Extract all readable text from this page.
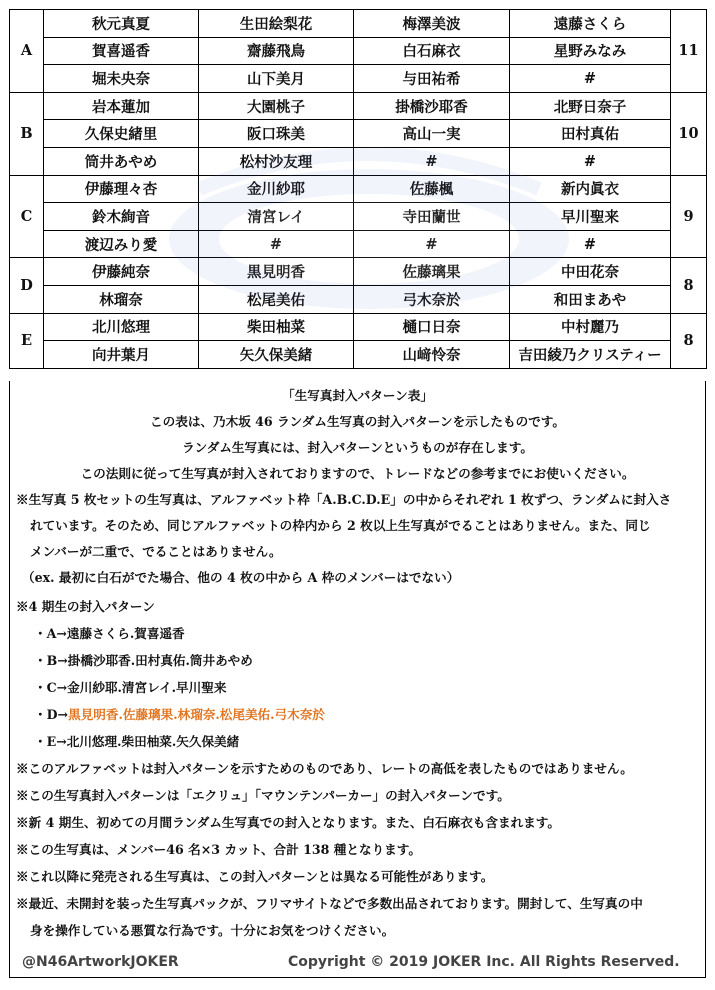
A	秋元真夏	生田絵梨花	梅澤美波	遠藤さくら	11
	賀喜遥香	齋藤飛鳥	白石麻衣	星野みなみ	
	堀未央奈	山下美月	与田祐希	#	
B	岩本蓮加	大園桃子	掛橋沙耶香	北野日奈子	10
	久保史緒里	阪口珠美	高山一実	田村真佑	
	筒井あやめ	松村沙友理	#	#	
C	伊藤理々杏	金川紗耶	佐藤楓	新内眞衣	9
	鈴木絢音	清宮レイ	寺田蘭世	早川聖来	
	渡辺みり愛	#	#	#	
D	伊藤純奈	黒見明香	佐藤璃果	中田花奈	8
	林瑠奈	松尾美佑	弓木奈於	和田まあや	
E	北川悠理	柴田柚菜	樋口日奈	中村麗乃	8
	向井葉月	矢久保美緒	山﨑怜奈	吉田綾乃クリスティー	
「生写真封入パターン表」
この表は、乃木坂 46 ランダム生写真の封入パターンを示したものです。
ランダム生写真には、封入パターンというものが存在します。
この法則に従って生写真が封入されておりますので、トレードなどの参考までにお使いください。
※生写真 5 枚セットの生写真は、アルファベット枠「A.B.C.D.E」の中からそれぞれ 1 枚ずつ、ランダムに封入さ
れています。そのため、同じアルファベットの枠内から 2 枚以上生写真がでることはありません。また、同じ
メンバーが二重で、でることはありません。
（ex. 最初に白石がでた場合、他の 4 枚の中から A 枠のメンバーはでない）
※4 期生の封入パターン
・A→遠藤さくら.賀喜遥香
・B→掛橋沙耶香.田村真佑.筒井あやめ
・C→金川紗耶.清宮レイ.早川聖来
・D→黒見明香.佐藤璃果.林瑠奈.松尾美佑.弓木奈於
・E→北川悠理.柴田柚菜.矢久保美緒
※このアルファベットは封入パターンを示すためのものであり、レートの高低を表したものではありません。
※この生写真封入パターンは「エクリュ」「マウンテンパーカー」の封入パターンです。
※新 4 期生、初めての月間ランダム生写真での封入となります。また、白石麻衣も含まれます。
※この生写真は、メンバー46 名×3 カット、合計 138 種となります。
※これ以降に発売される生写真は、この封入パターンとは異なる可能性があります。
※最近、未開封を装った生写真パックが、フリマサイトなどで多数出品されております。開封して、生写真の中
身を操作している悪質な行為です。十分にお気をつけください。
@N46ArtworkJOKER	Copyright © 2019 JOKER Inc. All Rights Reserved.
